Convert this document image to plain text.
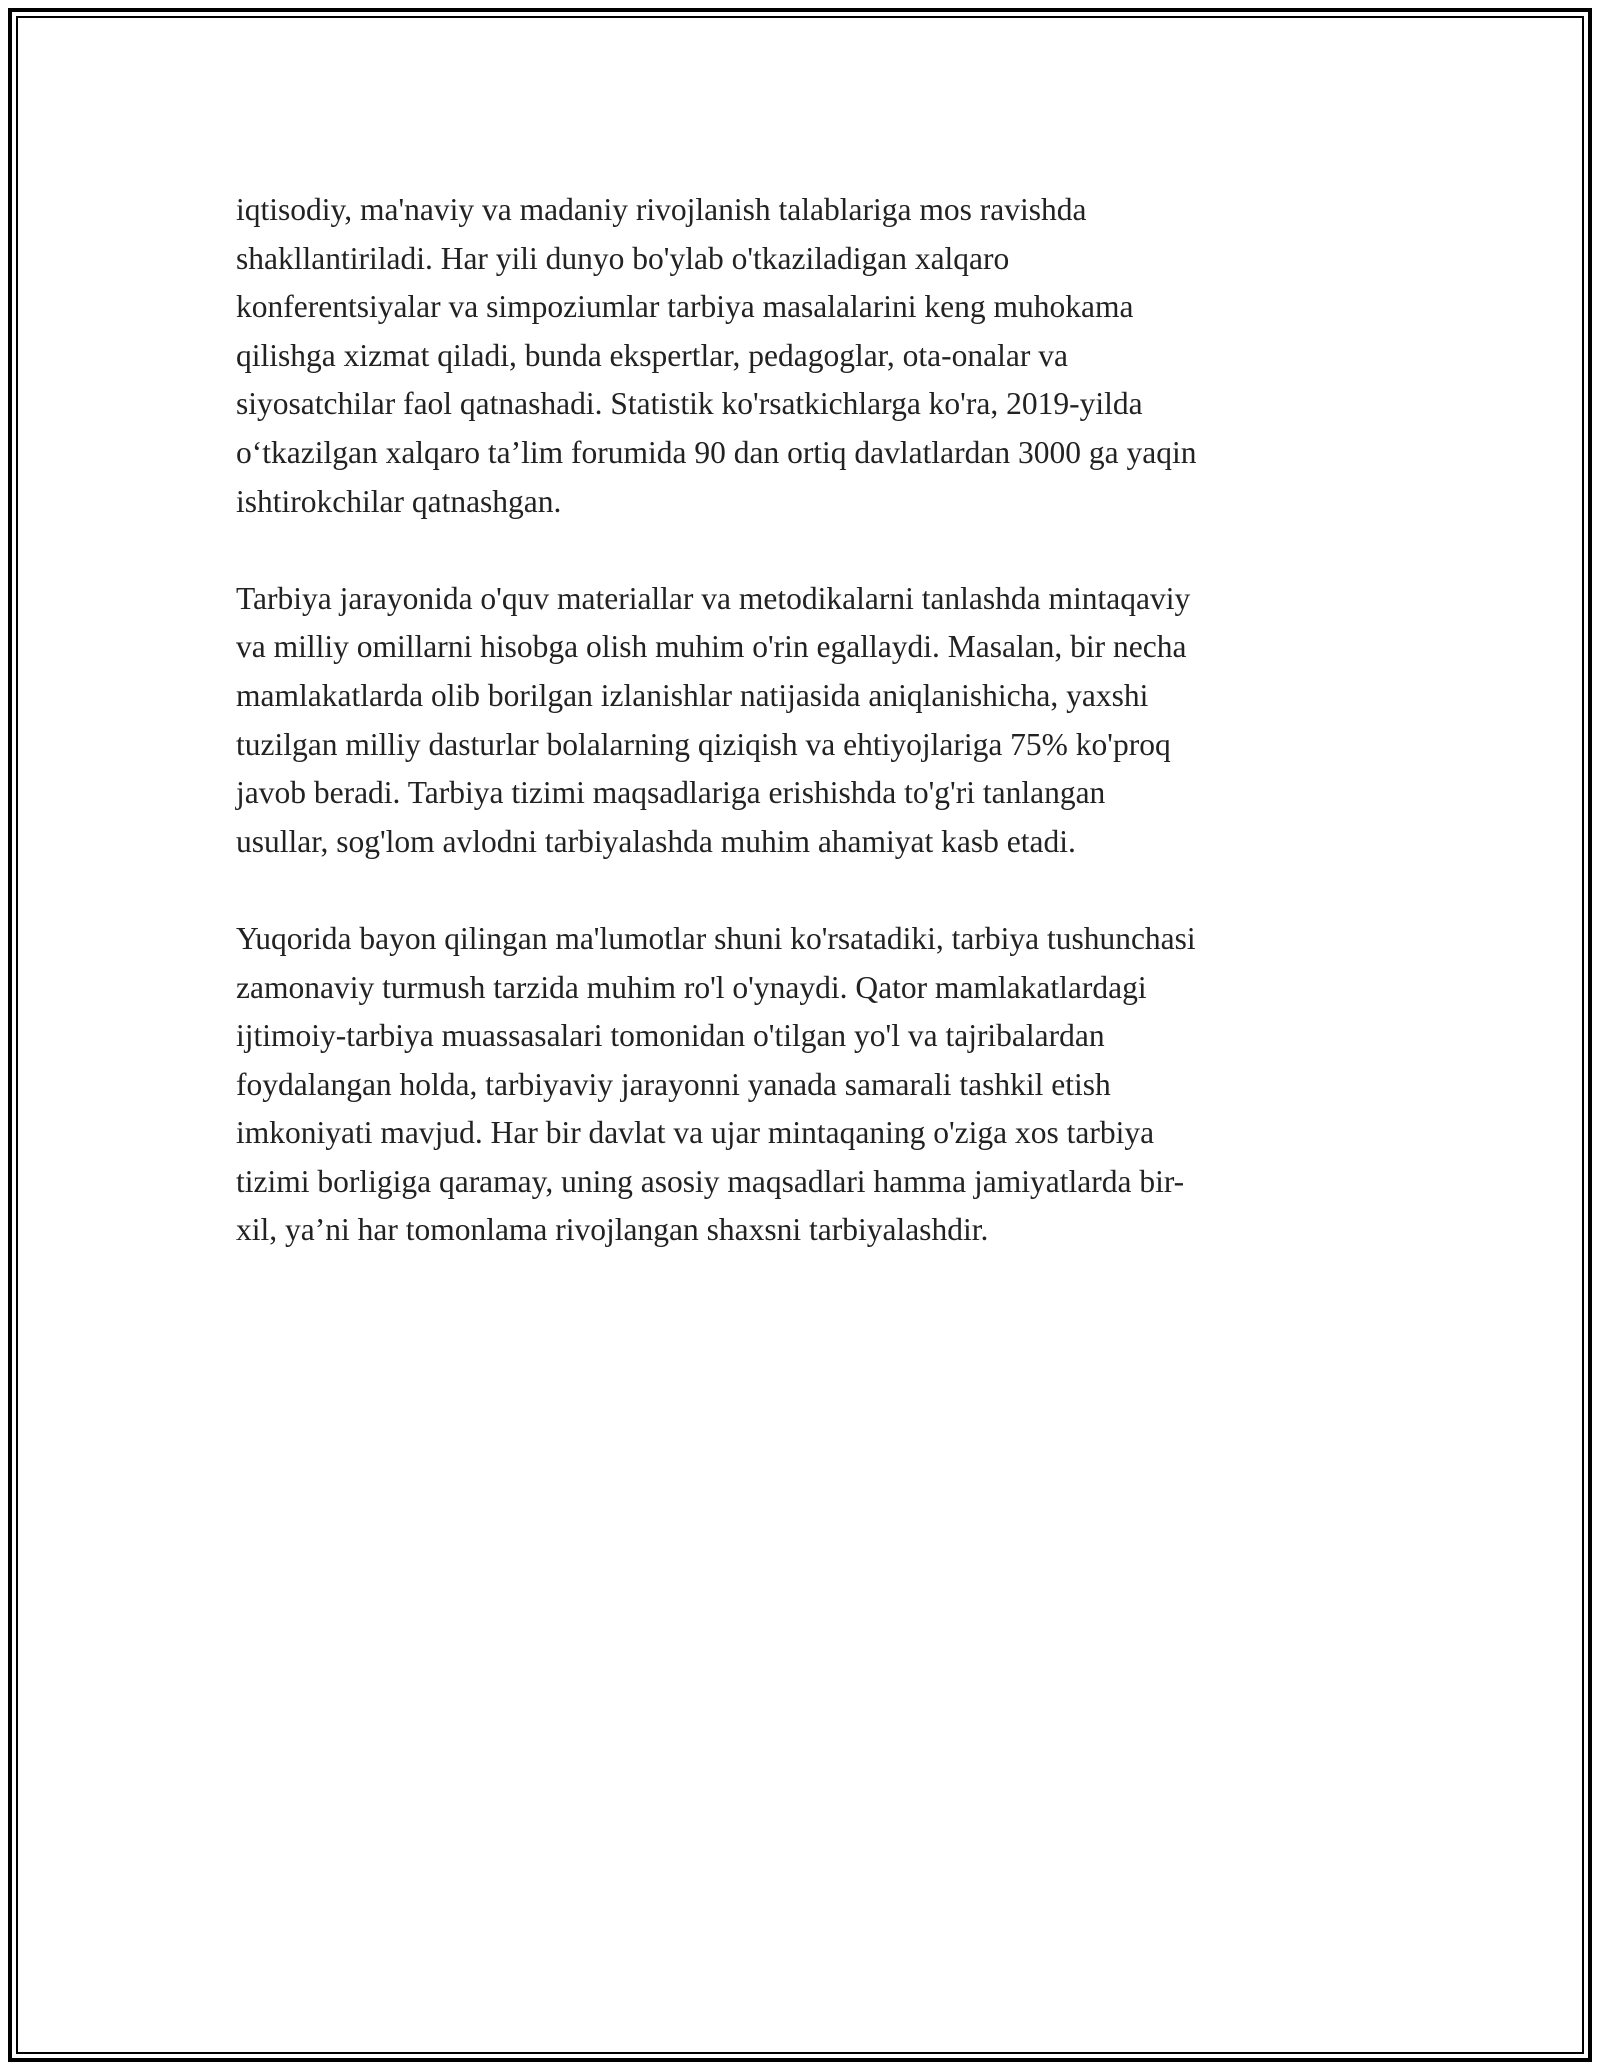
iqtisodiy, ma'naviy va madaniy rivojlanish talablariga mos ravishda
shakllantiriladi. Har yili dunyo bo'ylab o'tkaziladigan xalqaro
konferentsiyalar va simpoziumlar tarbiya masalalarini keng muhokama
qilishga xizmat qiladi, bunda ekspertlar, pedagoglar, ota-onalar va
siyosatchilar faol qatnashadi. Statistik ko'rsatkichlarga ko'ra, 2019-yilda
o‘tkazilgan xalqaro ta’lim forumida 90 dan ortiq davlatlardan 3000 ga yaqin
ishtirokchilar qatnashgan.

Tarbiya jarayonida o'quv materiallar va metodikalarni tanlashda mintaqaviy
va milliy omillarni hisobga olish muhim o'rin egallaydi. Masalan, bir necha
mamlakatlarda olib borilgan izlanishlar natijasida aniqlanishicha, yaxshi
tuzilgan milliy dasturlar bolalarning qiziqish va ehtiyojlariga 75% ko'proq
javob beradi. Tarbiya tizimi maqsadlariga erishishda to'g'ri tanlangan
usullar, sog'lom avlodni tarbiyalashda muhim ahamiyat kasb etadi.

Yuqorida bayon qilingan ma'lumotlar shuni ko'rsatadiki, tarbiya tushunchasi
zamonaviy turmush tarzida muhim ro'l o'ynaydi. Qator mamlakatlardagi
ijtimoiy-tarbiya muassasalari tomonidan o'tilgan yo'l va tajribalardan
foydalangan holda, tarbiyaviy jarayonni yanada samarali tashkil etish
imkoniyati mavjud. Har bir davlat va ujar mintaqaning o'ziga xos tarbiya
tizimi borligiga qaramay, uning asosiy maqsadlari hamma jamiyatlarda bir-
xil, ya’ni har tomonlama rivojlangan shaxsni tarbiyalashdir.
